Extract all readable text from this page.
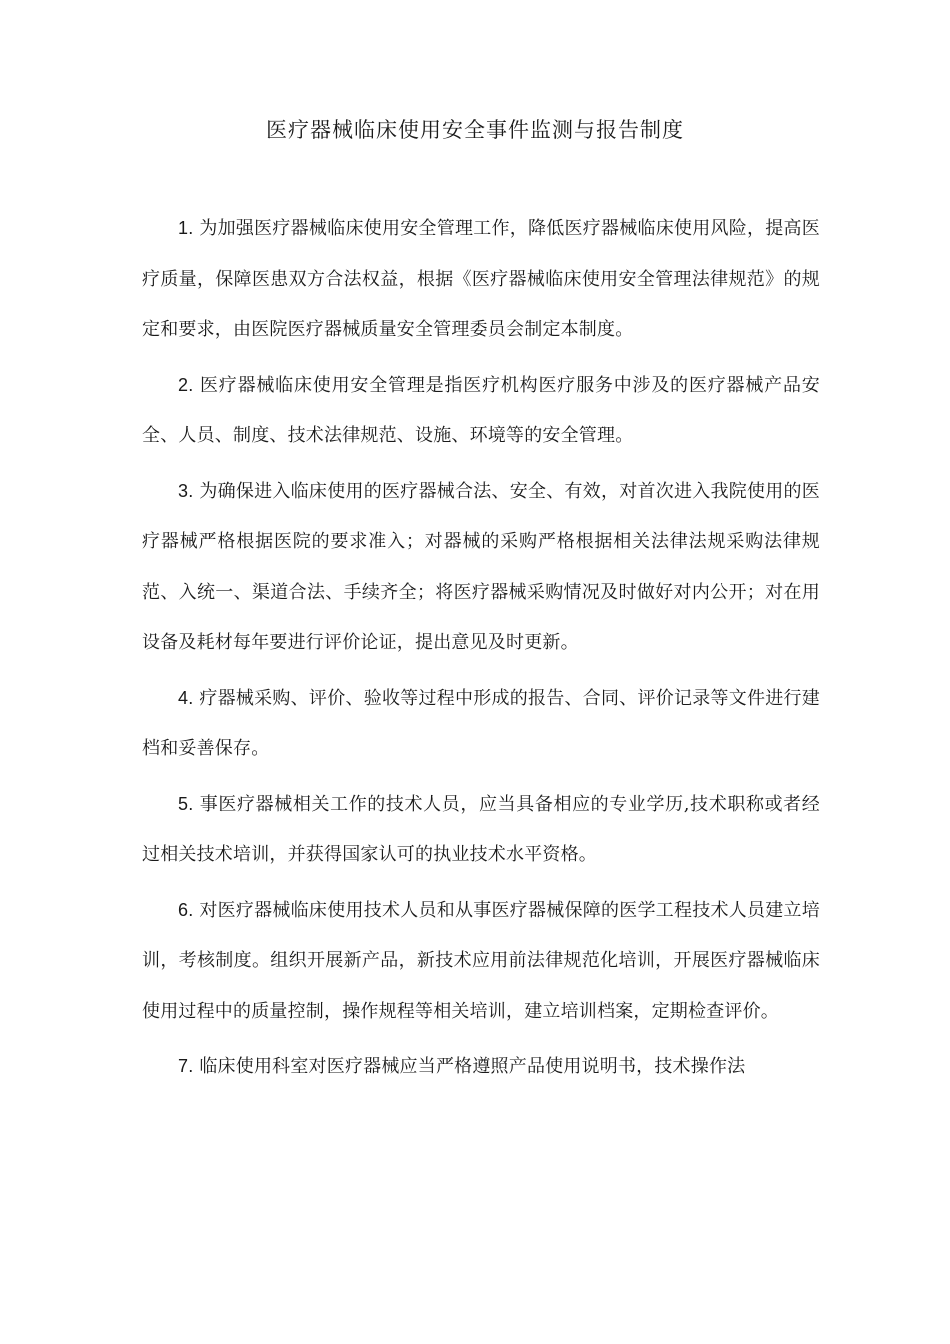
医疗器械临床使用安全事件监测与报告制度

1. 为加强医疗器械临床使用安全管理工作，降低医疗器械临床使用风险，提高医疗质量，保障医患双方合法权益，根据《医疗器械临床使用安全管理法律规范》的规定和要求，由医院医疗器械质量安全管理委员会制定本制度。

2. 医疗器械临床使用安全管理是指医疗机构医疗服务中涉及的医疗器械产品安全、人员、制度、技术法律规范、设施、环境等的安全管理。

3. 为确保进入临床使用的医疗器械合法、安全、有效，对首次进入我院使用的医疗器械严格根据医院的要求准入；对器械的采购严格根据相关法律法规采购法律规范、入统一、渠道合法、手续齐全；将医疗器械采购情况及时做好对内公开；对在用设备及耗材每年要进行评价论证，提出意见及时更新。

4. 疗器械采购、评价、验收等过程中形成的报告、合同、评价记录等文件进行建档和妥善保存。

5. 事医疗器械相关工作的技术人员，应当具备相应的专业学历,技术职称或者经过相关技术培训，并获得国家认可的执业技术水平资格。

6. 对医疗器械临床使用技术人员和从事医疗器械保障的医学工程技术人员建立培训，考核制度。组织开展新产品，新技术应用前法律规范化培训，开展医疗器械临床使用过程中的质量控制，操作规程等相关培训，建立培训档案，定期检查评价。

7. 临床使用科室对医疗器械应当严格遵照产品使用说明书，技术操作法
